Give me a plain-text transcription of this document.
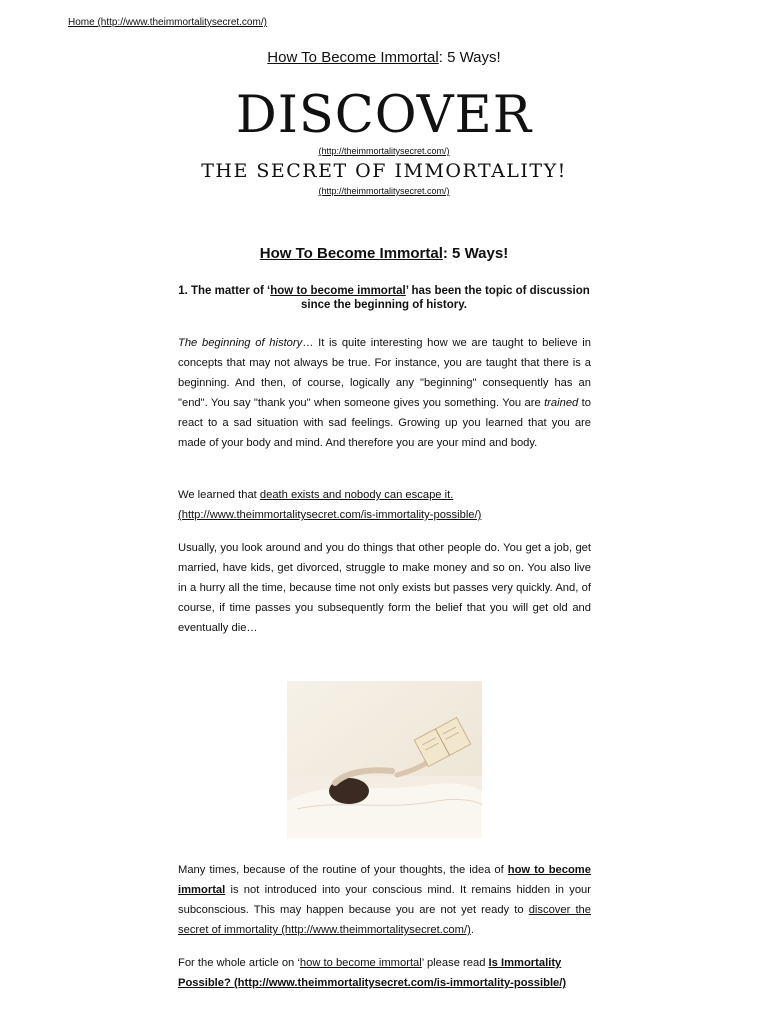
Home (http://www.theimmortalitysecret.com/)
How To Become Immortal: 5 Ways!
DISCOVER
(http://theimmortalitysecret.com/)
THE SECRET OF IMMORTALITY!
(http://theimmortalitysecret.com/)
How To Become Immortal: 5 Ways!
1. The matter of ‘how to become immortal’ has been the topic of discussion since the beginning of history.

The beginning of history… It is quite interesting how we are taught to believe in concepts that may not always be true. For instance, you are taught that there is a beginning. And then, of course, logically any "beginning" consequently has an "end". You say "thank you" when someone gives you something. You are trained to react to a sad situation with sad feelings. Growing up you learned that you are made of your body and mind. And therefore you are your mind and body.

We learned that death exists and nobody can escape it. (http://www.theimmortalitysecret.com/is-immortality-possible/)

Usually, you look around and you do things that other people do. You get a job, get married, have kids, get divorced, struggle to make money and so on. You also live in a hurry all the time, because time not only exists but passes very quickly. And, of course, if time passes you subsequently form the belief that you will get old and eventually die…

Many times, because of the routine of your thoughts, the idea of how to become immortal is not introduced into your conscious mind. It remains hidden in your subconscious. This may happen because you are not yet ready to discover the secret of immortality (http://www.theimmortalitysecret.com/).

For the whole article on ‘how to become immortal’ please read Is Immortality Possible? (http://www.theimmortalitysecret.com/is-immortality-possible/)
